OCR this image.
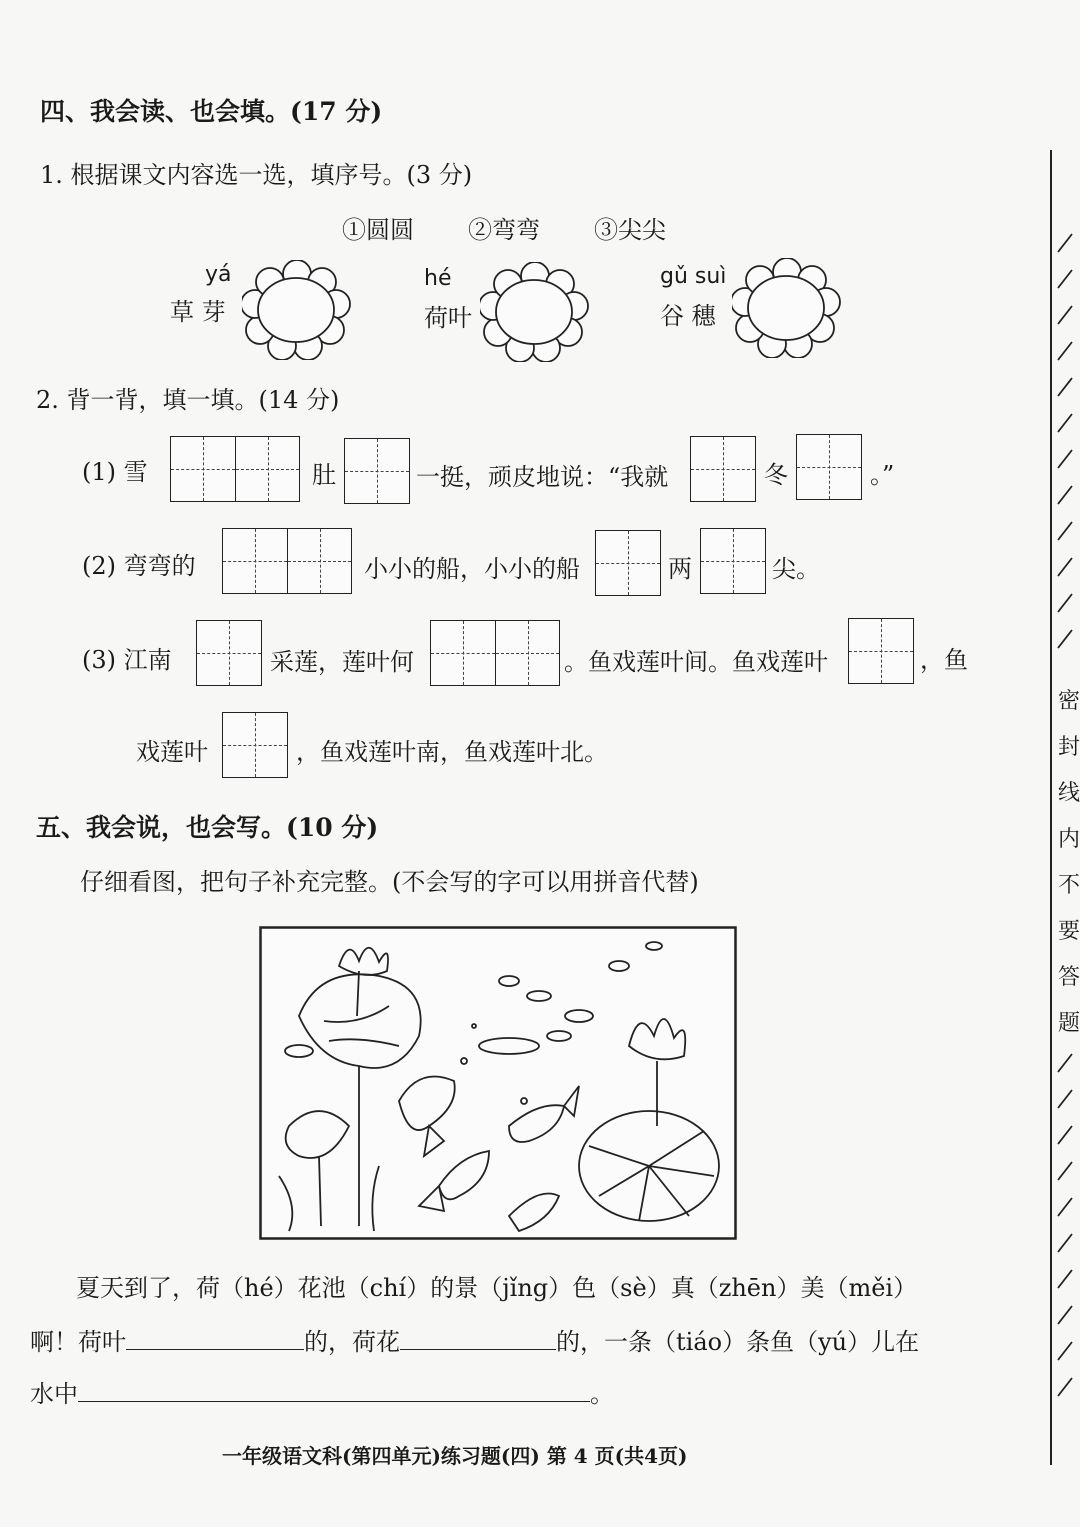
四、我会读、也会填。(17 分)
1. 根据课文内容选一选，填序号。(3 分)
①圆圆 ②弯弯 ③尖尖
yá
草 芽
hé
荷叶
gǔ suì
谷 穗
2. 背一背，填一填。(14 分)
(1) 雪	肚	一挺，顽皮地说：“我就	冬	。”
(2) 弯弯的	小小的船，小小的船	两	尖。
(3) 江南	采莲，莲叶何	。鱼戏莲叶间。鱼戏莲叶	，鱼
戏莲叶	，鱼戏莲叶南，鱼戏莲叶北。
五、我会说，也会写。(10 分)
仔细看图，把句子补充完整。(不会写的字可以用拼音代替)
夏天到了，荷（hé）花池（chí）的景（jǐng）色（sè）真（zhēn）美（měi）
啊！荷叶	的，荷花	的，一条（tiáo）条鱼（yú）儿在
水中	。
一年级语文科(第四单元)练习题(四) 第 4 页(共4页)
密
封
线
内
不
要
答
题
